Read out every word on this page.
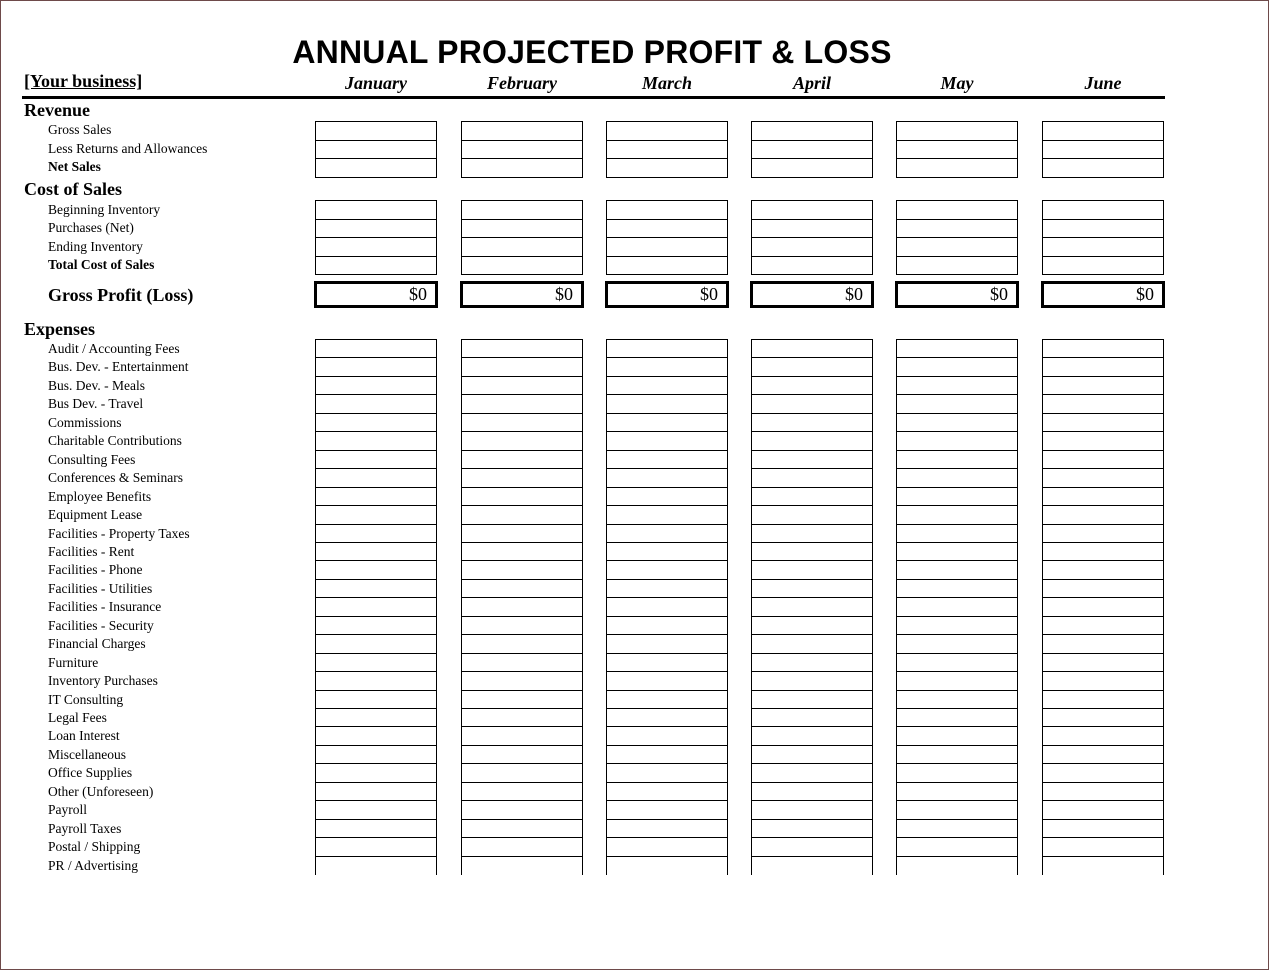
ANNUAL PROJECTED PROFIT & LOSS
[Your business]	January	February	March	April	May	June
Revenue
Gross Sales
Less Returns and Allowances
Net Sales
Cost of Sales
Beginning Inventory
Purchases (Net)
Ending Inventory
Total Cost of Sales
Gross Profit (Loss)	$0	$0	$0	$0	$0	$0
Expenses
Audit / Accounting Fees
Bus. Dev. - Entertainment
Bus. Dev. - Meals
Bus Dev. - Travel
Commissions
Charitable Contributions
Consulting Fees
Conferences & Seminars
Employee Benefits
Equipment Lease
Facilities - Property Taxes
Facilities - Rent
Facilities - Phone
Facilities - Utilities
Facilities - Insurance
Facilities - Security
Financial Charges
Furniture
Inventory Purchases
IT Consulting
Legal Fees
Loan Interest
Miscellaneous
Office Supplies
Other (Unforeseen)
Payroll
Payroll Taxes
Postal / Shipping
PR / Advertising
